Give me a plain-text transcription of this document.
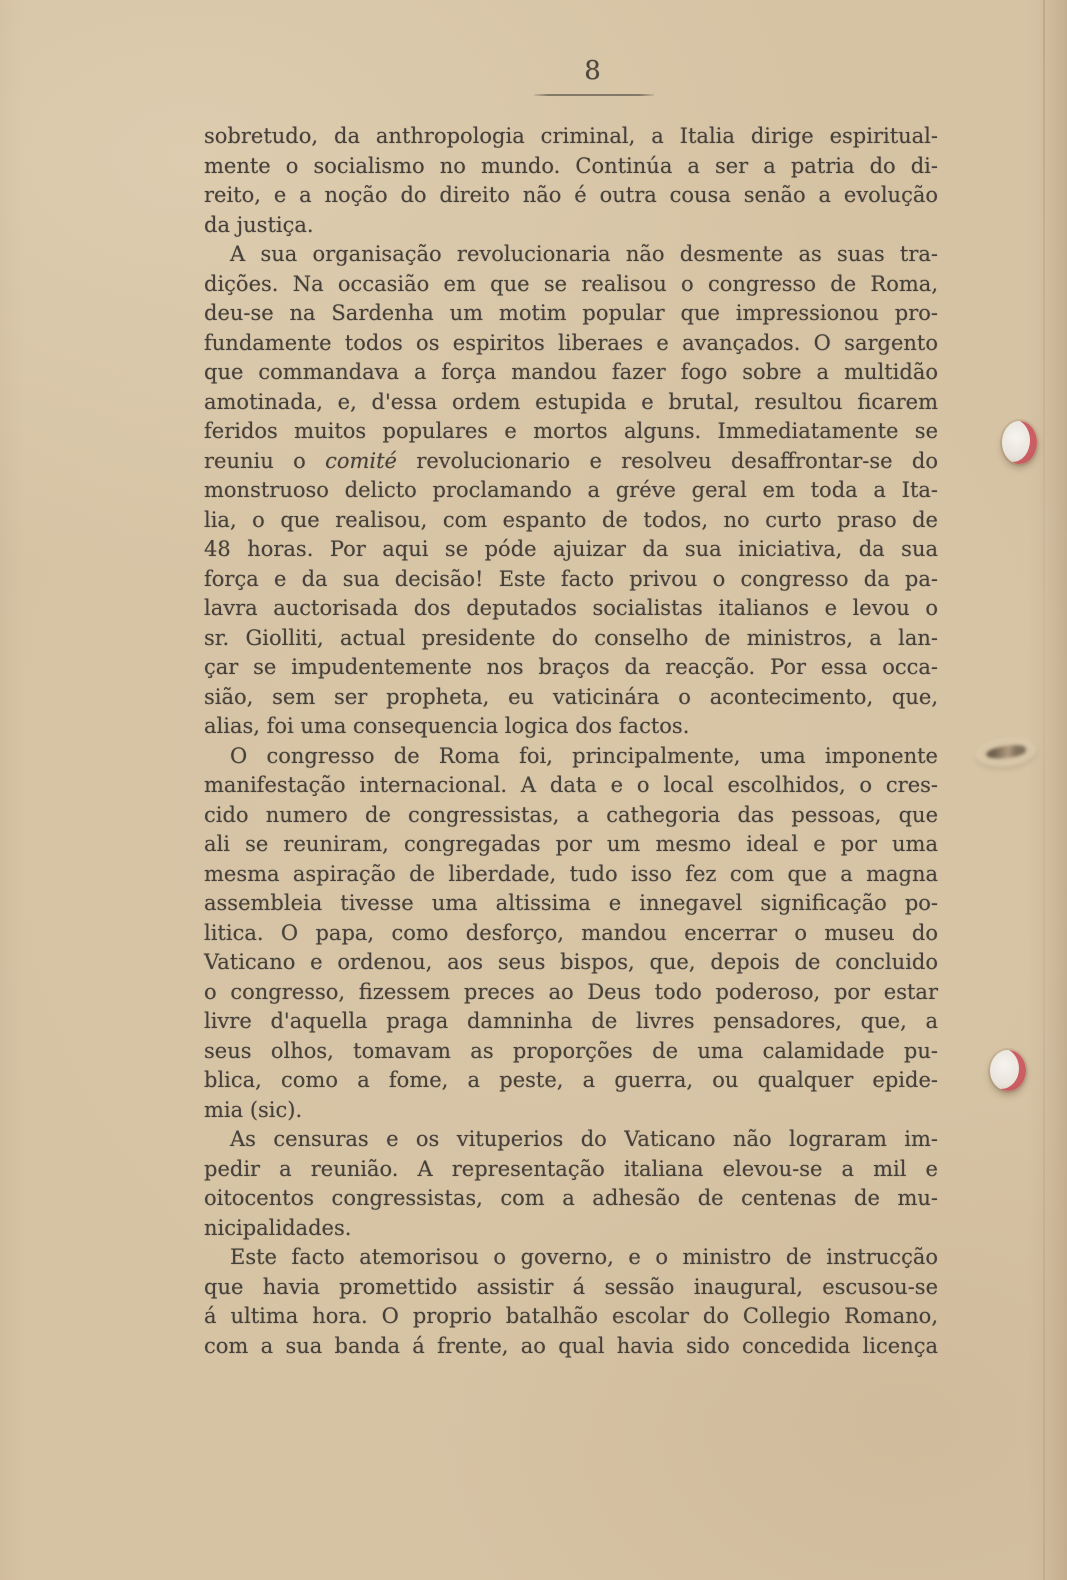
8
sobretudo, da anthropologia criminal, a Italia dirige espiritual-
mente o socialismo no mundo. Continúa a ser a patria do di-
reito, e a noção do direito não é outra cousa senão a evolução
da justiça.
A sua organisação revolucionaria não desmente as suas tra-
dições. Na occasião em que se realisou o congresso de Roma,
deu-se na Sardenha um motim popular que impressionou pro-
fundamente todos os espiritos liberaes e avançados. O sargento
que commandava a força mandou fazer fogo sobre a multidão
amotinada, e, d'essa ordem estupida e brutal, resultou ficarem
feridos muitos populares e mortos alguns. Immediatamente se
reuniu o comité revolucionario e resolveu desaffrontar-se do
monstruoso delicto proclamando a gréve geral em toda a Ita-
lia, o que realisou, com espanto de todos, no curto praso de
48 horas. Por aqui se póde ajuizar da sua iniciativa, da sua
força e da sua decisão! Este facto privou o congresso da pa-
lavra auctorisada dos deputados socialistas italianos e levou o
sr. Giolliti, actual presidente do conselho de ministros, a lan-
çar se impudentemente nos braços da reacção. Por essa occa-
sião, sem ser propheta, eu vaticinára o acontecimento, que,
alias, foi uma consequencia logica dos factos.
O congresso de Roma foi, principalmente, uma imponente
manifestação internacional. A data e o local escolhidos, o cres-
cido numero de congressistas, a cathegoria das pessoas, que
ali se reuniram, congregadas por um mesmo ideal e por uma
mesma aspiração de liberdade, tudo isso fez com que a magna
assembleia tivesse uma altissima e innegavel significação po-
litica. O papa, como desforço, mandou encerrar o museu do
Vaticano e ordenou, aos seus bispos, que, depois de concluido
o congresso, fizessem preces ao Deus todo poderoso, por estar
livre d'aquella praga damninha de livres pensadores, que, a
seus olhos, tomavam as proporções de uma calamidade pu-
blica, como a fome, a peste, a guerra, ou qualquer epide-
mia (sic).
As censuras e os vituperios do Vaticano não lograram im-
pedir a reunião. A representação italiana elevou-se a mil e
oitocentos congressistas, com a adhesão de centenas de mu-
nicipalidades.
Este facto atemorisou o governo, e o ministro de instrucção
que havia promettido assistir á sessão inaugural, escusou-se
á ultima hora. O proprio batalhão escolar do Collegio Romano,
com a sua banda á frente, ao qual havia sido concedida licença
